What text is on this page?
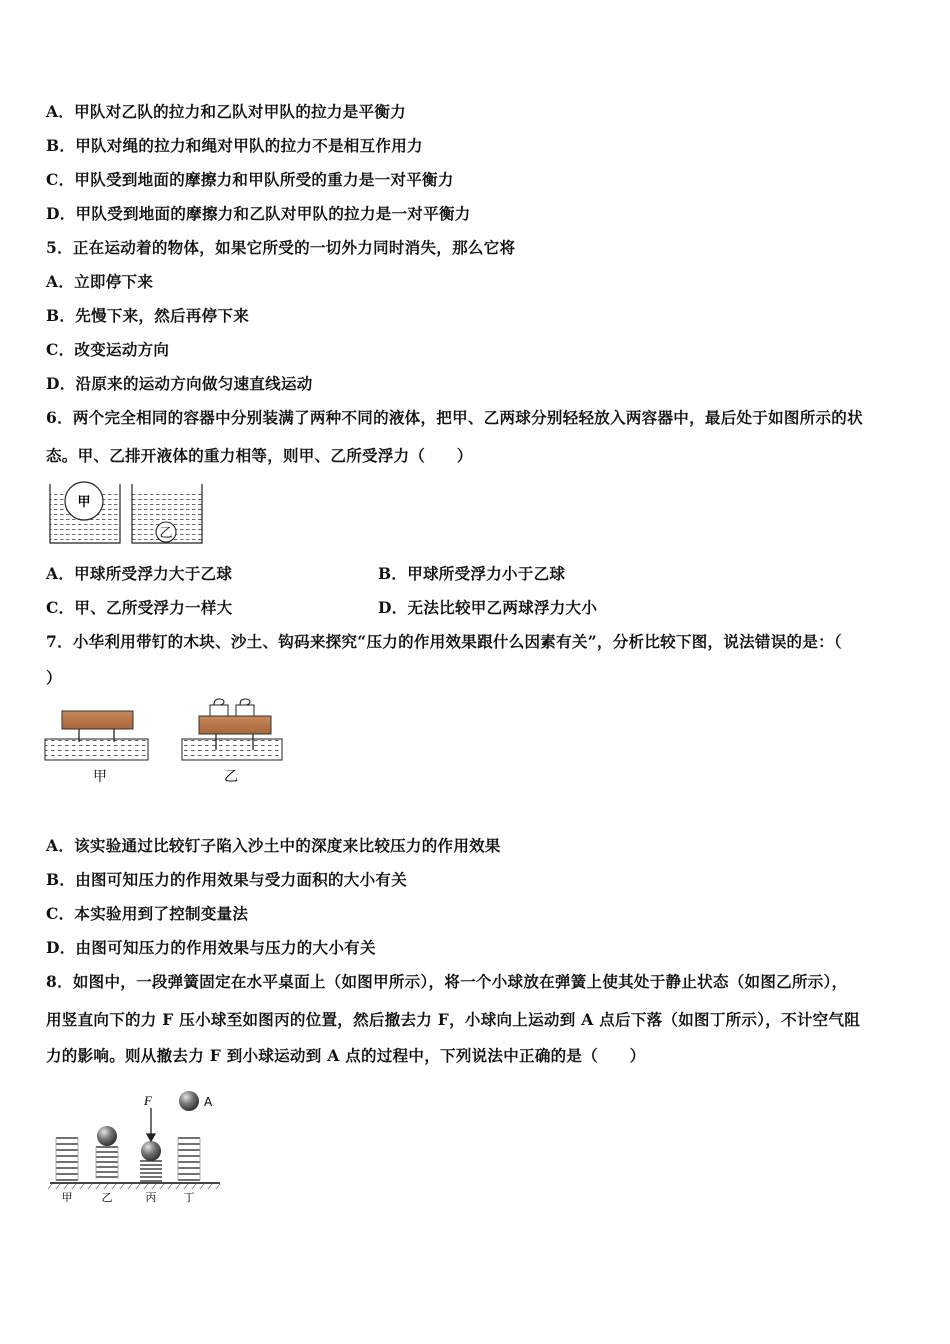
A．甲队对乙队的拉力和乙队对甲队的拉力是平衡力
B．甲队对绳的拉力和绳对甲队的拉力不是相互作用力
C．甲队受到地面的摩擦力和甲队所受的重力是一对平衡力
D．甲队受到地面的摩擦力和乙队对甲队的拉力是一对平衡力
5．正在运动着的物体，如果它所受的一切外力同时消失，那么它将
A．立即停下来
B．先慢下来，然后再停下来
C．改变运动方向
D．沿原来的运动方向做匀速直线运动
6．两个完全相同的容器中分别装满了两种不同的液体，把甲、乙两球分别轻轻放入两容器中，最后处于如图所示的状
态。甲、乙排开液体的重力相等，则甲、乙所受浮力（　　）
甲
乙
A．甲球所受浮力大于乙球	B．甲球所受浮力小于乙球
C．甲、乙所受浮力一样大	D．无法比较甲乙两球浮力大小
7．小华利用带钉的木块、沙土、钩码来探究“压力的作用效果跟什么因素有关”，分析比较下图，说法错误的是：（
）
甲	乙
A．该实验通过比较钉子陷入沙土中的深度来比较压力的作用效果
B．由图可知压力的作用效果与受力面积的大小有关
C．本实验用到了控制变量法
D．由图可知压力的作用效果与压力的大小有关
8．如图中，一段弹簧固定在水平桌面上（如图甲所示），将一个小球放在弹簧上使其处于静止状态（如图乙所示），
用竖直向下的力 F 压小球至如图丙的位置，然后撤去力 F，小球向上运动到 A 点后下落（如图丁所示），不计空气阻
力的影响。则从撤去力 F 到小球运动到 A 点的过程中，下列说法中正确的是（　　）
F	A
甲	乙	丙 丁
